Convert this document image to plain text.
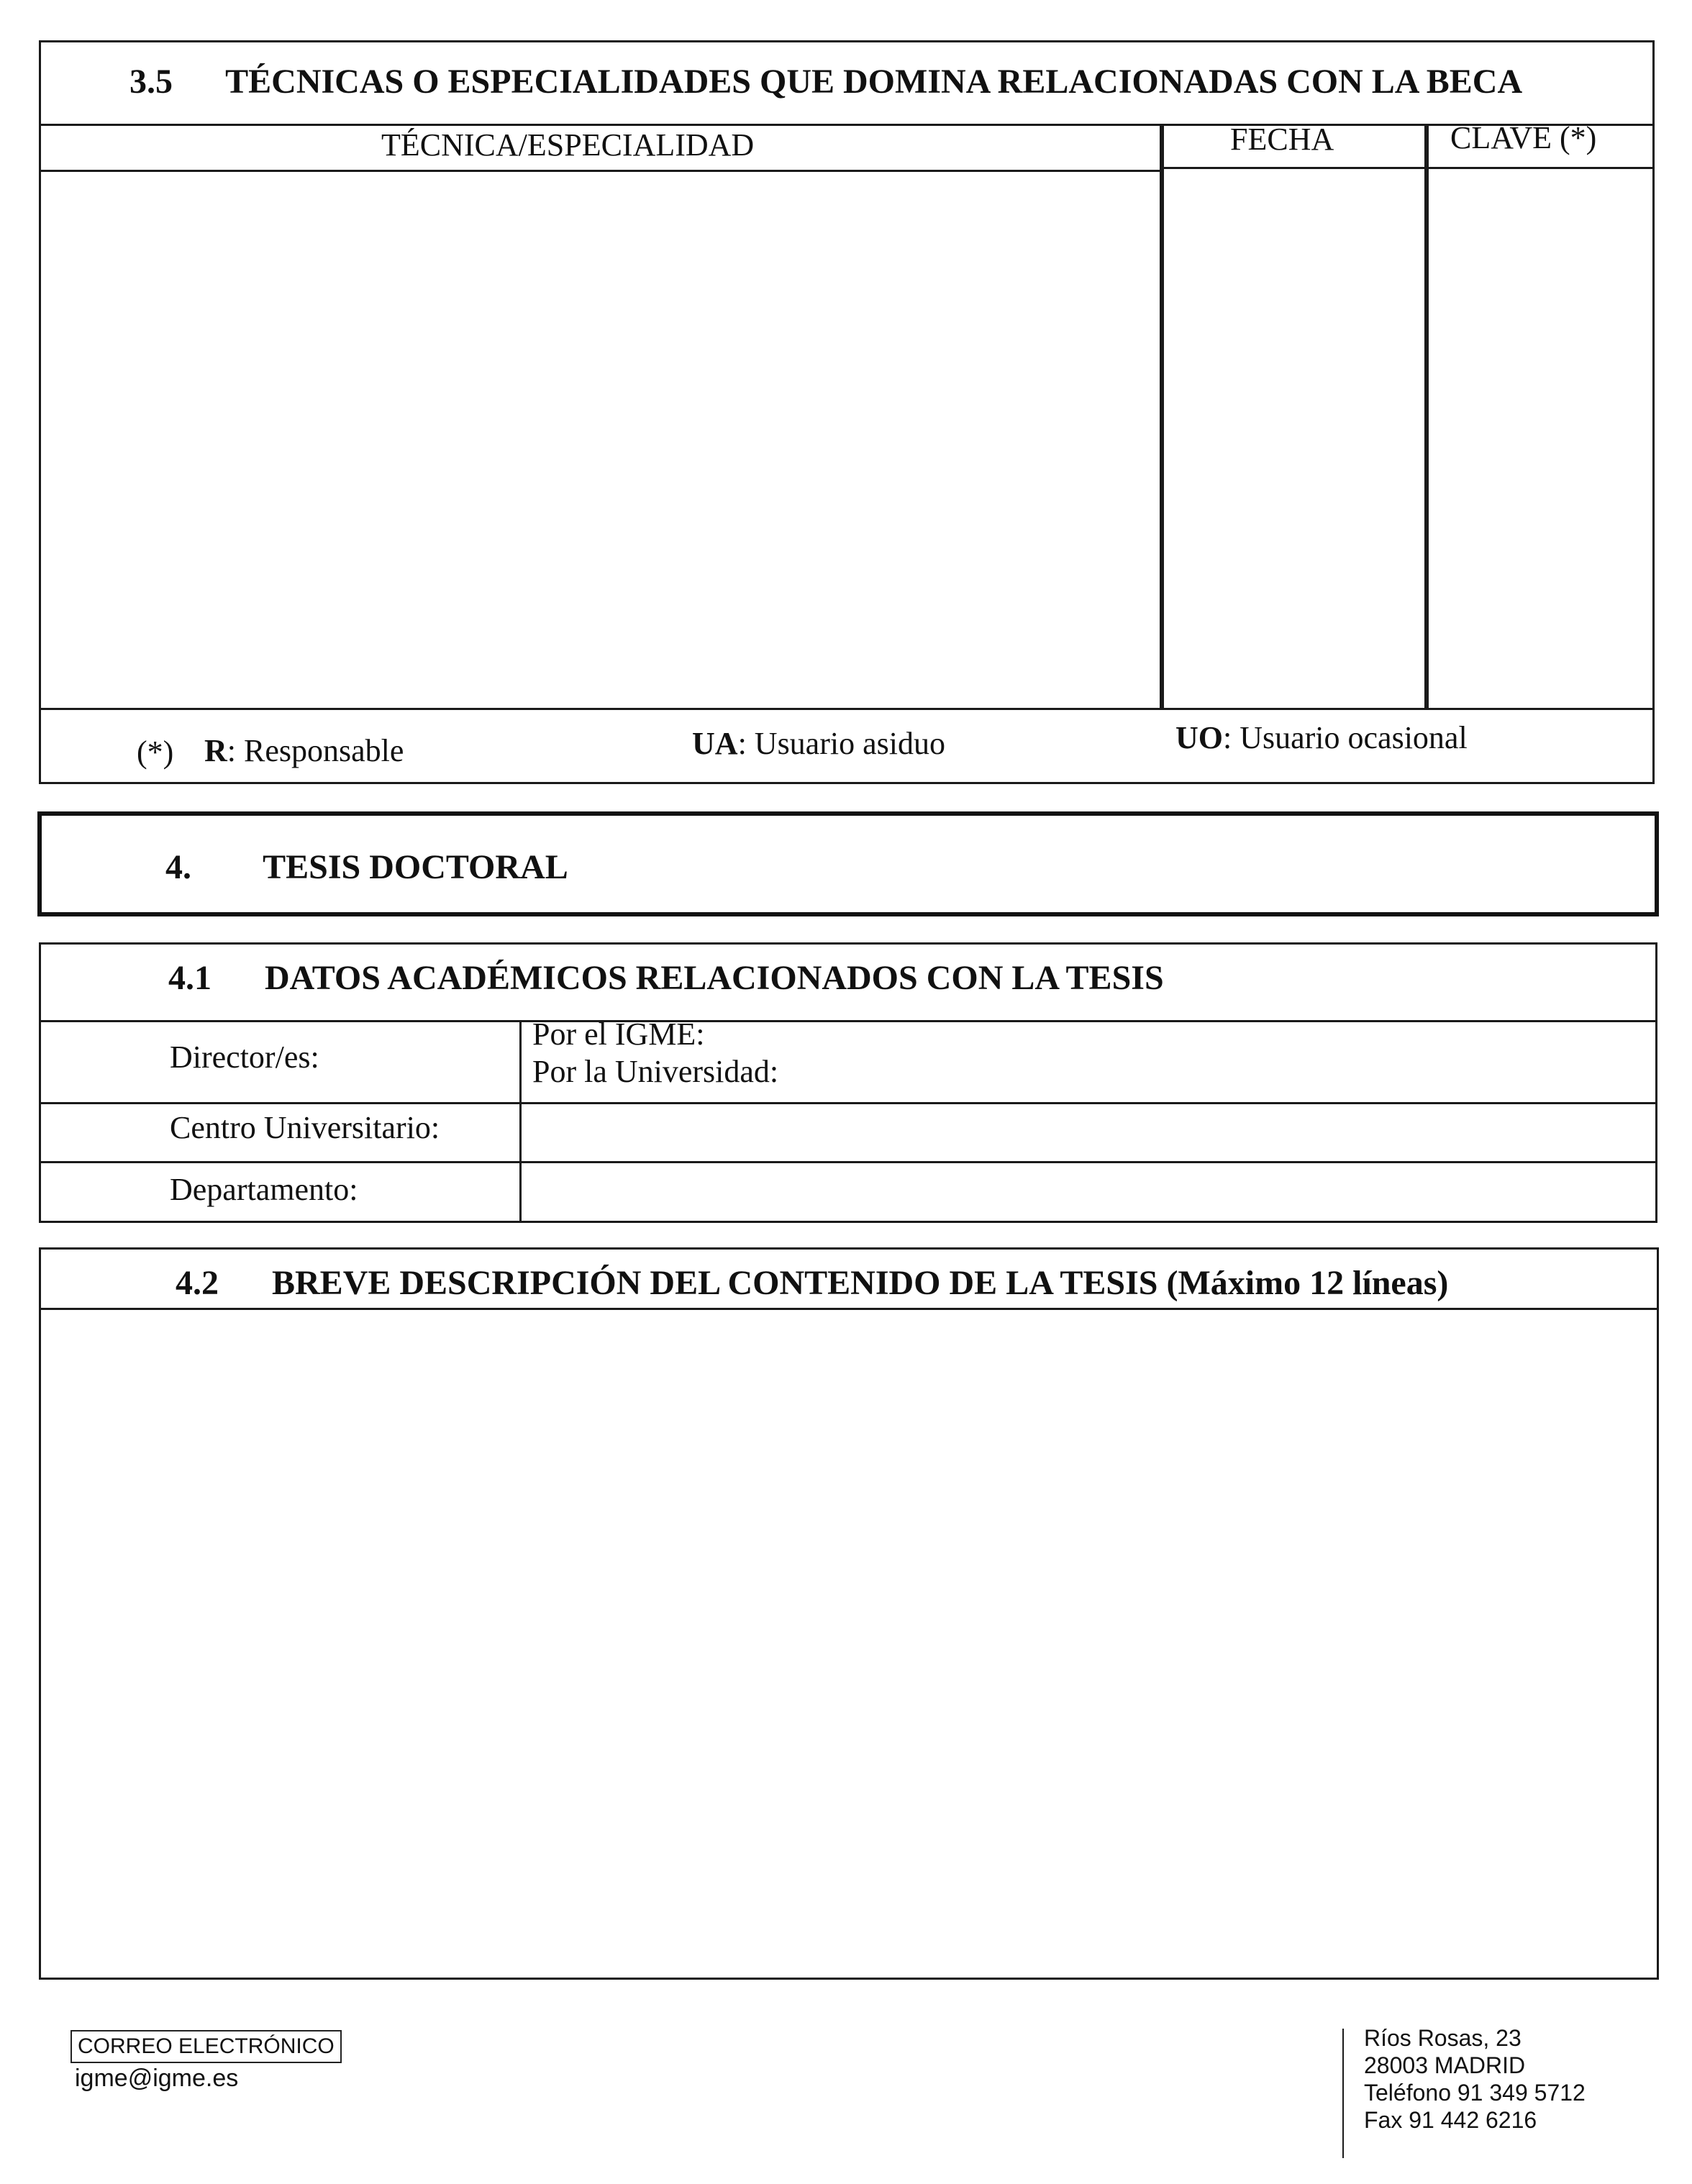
3.5 TÉCNICAS O ESPECIALIDADES QUE DOMINA RELACIONADAS CON LA BECA
TÉCNICA/ESPECIALIDAD	FECHA	CLAVE (*)
(*) R: Responsable	UA: Usuario asiduo	UO: Usuario ocasional
4. TESIS DOCTORAL
4.1 DATOS ACADÉMICOS RELACIONADOS CON LA TESIS
Director/es:
Por el IGME:
Por la Universidad:
Centro Universitario:
Departamento:
4.2 BREVE DESCRIPCIÓN DEL CONTENIDO DE LA TESIS (Máximo 12 líneas)
CORREO ELECTRÓNICO
igme@igme.es
Ríos Rosas, 23
28003 MADRID
Teléfono 91 349 5712
Fax 91 442 6216
